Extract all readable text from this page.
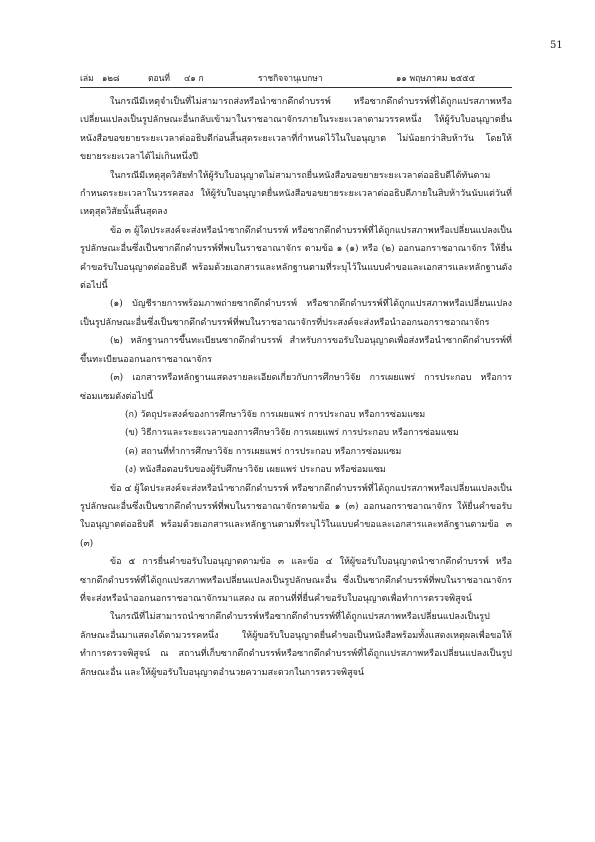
51
เล่ม ๑๒๘	ตอนที่ ๔๑ ก	ราชกิจจานุเบกษา	๑๑ พฤษภาคม ๒๕๕๕

ในกรณีมีเหตุจำเป็นที่ไม่สามารถส่งหรือนำซากดึกดำบรรพ์ หรือซากดึกดำบรรพ์ที่ได้ถูกแปรสภาพหรือเปลี่ยนแปลงเป็นรูปลักษณะอื่นกลับเข้ามาในราชอาณาจักรภายในระยะเวลาตามวรรคหนึ่ง ให้ผู้รับใบอนุญาตยื่นหนังสือขอขยายระยะเวลาต่ออธิบดีก่อนสิ้นสุดระยะเวลาที่กำหนดไว้ในใบอนุญาต ไม่น้อยกว่าสิบห้าวัน โดยให้ขยายระยะเวลาได้ไม่เกินหนึ่งปี

ในกรณีมีเหตุสุดวิสัยทำให้ผู้รับใบอนุญาตไม่สามารถยื่นหนังสือขอขยายระยะเวลาต่ออธิบดีได้ทันตามกำหนดระยะเวลาในวรรคสอง ให้ผู้รับใบอนุญาตยื่นหนังสือขอขยายระยะเวลาต่ออธิบดีภายในสิบห้าวันนับแต่วันที่เหตุสุดวิสัยนั้นสิ้นสุดลง

ข้อ ๓ ผู้ใดประสงค์จะส่งหรือนำซากดึกดำบรรพ์ หรือซากดึกดำบรรพ์ที่ได้ถูกแปรสภาพหรือเปลี่ยนแปลงเป็นรูปลักษณะอื่นซึ่งเป็นซากดึกดำบรรพ์ที่พบในราชอาณาจักร ตามข้อ ๑ (๑) หรือ (๒) ออกนอกราชอาณาจักร ให้ยื่นคำขอรับใบอนุญาตต่ออธิบดี พร้อมด้วยเอกสารและหลักฐานตามที่ระบุไว้ในแบบคำขอและเอกสารและหลักฐานดังต่อไปนี้

(๑) บัญชีรายการพร้อมภาพถ่ายซากดึกดำบรรพ์ หรือซากดึกดำบรรพ์ที่ได้ถูกแปรสภาพหรือเปลี่ยนแปลงเป็นรูปลักษณะอื่นซึ่งเป็นซากดึกดำบรรพ์ที่พบในราชอาณาจักรที่ประสงค์จะส่งหรือนำออกนอกราชอาณาจักร

(๒) หลักฐานการขึ้นทะเบียนซากดึกดำบรรพ์ สำหรับการขอรับใบอนุญาตเพื่อส่งหรือนำซากดึกดำบรรพ์ที่ขึ้นทะเบียนออกนอกราชอาณาจักร

(๓) เอกสารหรือหลักฐานแสดงรายละเอียดเกี่ยวกับการศึกษาวิจัย การเผยแพร่ การประกอบ หรือการซ่อมแซมดังต่อไปนี้

(ก) วัตถุประสงค์ของการศึกษาวิจัย การเผยแพร่ การประกอบ หรือการซ่อมแซม

(ข) วิธีการและระยะเวลาของการศึกษาวิจัย การเผยแพร่ การประกอบ หรือการซ่อมแซม

(ค) สถานที่ทำการศึกษาวิจัย การเผยแพร่ การประกอบ หรือการซ่อมแซม

(ง) หนังสือตอบรับของผู้รับศึกษาวิจัย เผยแพร่ ประกอบ หรือซ่อมแซม

ข้อ ๔ ผู้ใดประสงค์จะส่งหรือนำซากดึกดำบรรพ์ หรือซากดึกดำบรรพ์ที่ได้ถูกแปรสภาพหรือเปลี่ยนแปลงเป็นรูปลักษณะอื่นซึ่งเป็นซากดึกดำบรรพ์ที่พบในราชอาณาจักรตามข้อ ๑ (๓) ออกนอกราชอาณาจักร ให้ยื่นคำขอรับใบอนุญาตต่ออธิบดี พร้อมด้วยเอกสารและหลักฐานตามที่ระบุไว้ในแบบคำขอและเอกสารและหลักฐานตามข้อ ๓ (๓)

ข้อ ๕ การยื่นคำขอรับใบอนุญาตตามข้อ ๓ และข้อ ๔ ให้ผู้ขอรับใบอนุญาตนำซากดึกดำบรรพ์ หรือซากดึกดำบรรพ์ที่ได้ถูกแปรสภาพหรือเปลี่ยนแปลงเป็นรูปลักษณะอื่น ซึ่งเป็นซากดึกดำบรรพ์ที่พบในราชอาณาจักรที่จะส่งหรือนำออกนอกราชอาณาจักรมาแสดง ณ สถานที่ที่ยื่นคำขอรับใบอนุญาตเพื่อทำการตรวจพิสูจน์

ในกรณีที่ไม่สามารถนำซากดึกดำบรรพ์หรือซากดึกดำบรรพ์ที่ได้ถูกแปรสภาพหรือเปลี่ยนแปลงเป็นรูปลักษณะอื่นมาแสดงได้ตามวรรคหนึ่ง ให้ผู้ขอรับใบอนุญาตยื่นคำขอเป็นหนังสือพร้อมทั้งแสดงเหตุผลเพื่อขอให้ทำการตรวจพิสูจน์ ณ สถานที่เก็บซากดึกดำบรรพ์หรือซากดึกดำบรรพ์ที่ได้ถูกแปรสภาพหรือเปลี่ยนแปลงเป็นรูปลักษณะอื่น และให้ผู้ขอรับใบอนุญาตอำนวยความสะดวกในการตรวจพิสูจน์
